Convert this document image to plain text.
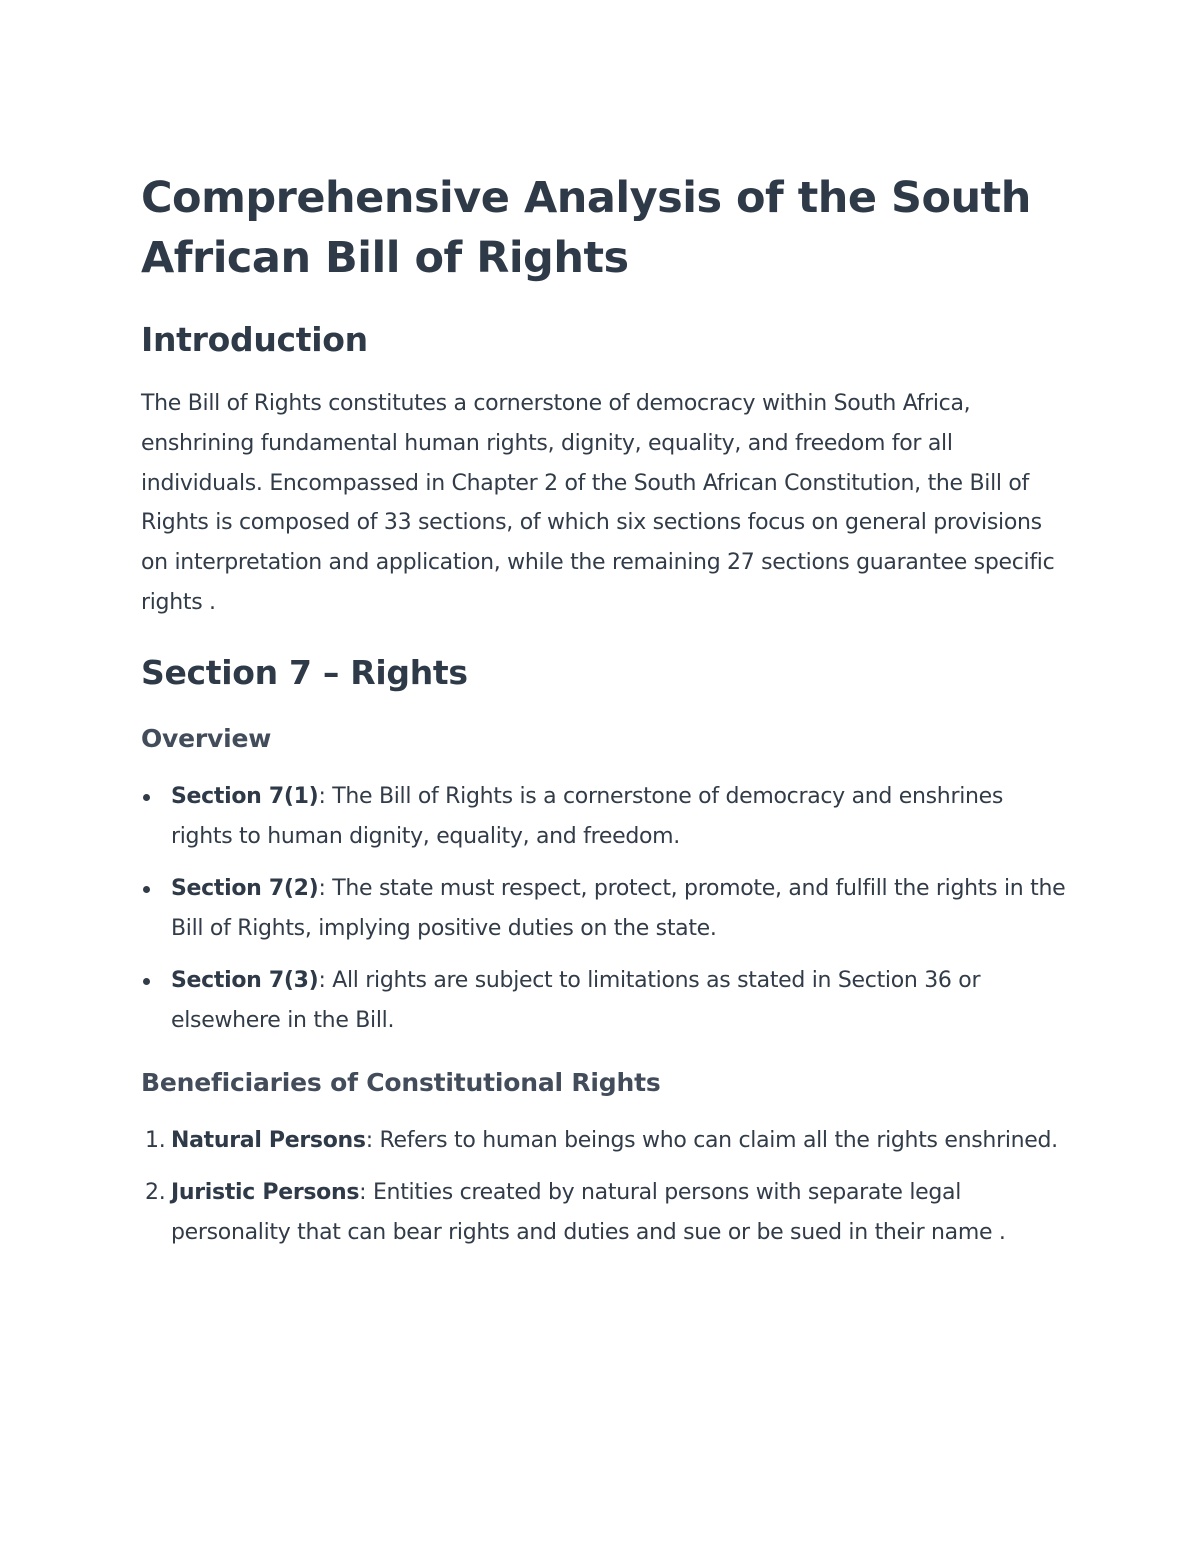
Comprehensive Analysis of the South African Bill of Rights
Introduction

The Bill of Rights constitutes a cornerstone of democracy within South Africa, enshrining fundamental human rights, dignity, equality, and freedom for all individuals. Encompassed in Chapter 2 of the South African Constitution, the Bill of Rights is composed of 33 sections, of which six sections focus on general provisions on interpretation and application, while the remaining 27 sections guarantee specific rights .

Section 7 – Rights
Overview
Section 7(1): The Bill of Rights is a cornerstone of democracy and enshrines rights to human dignity, equality, and freedom.
Section 7(2): The state must respect, protect, promote, and fulfill the rights in the Bill of Rights, implying positive duties on the state.
Section 7(3): All rights are subject to limitations as stated in Section 36 or elsewhere in the Bill.
Beneficiaries of Constitutional Rights
1. Natural Persons: Refers to human beings who can claim all the rights enshrined.
2. Juristic Persons: Entities created by natural persons with separate legal personality that can bear rights and duties and sue or be sued in their name .
